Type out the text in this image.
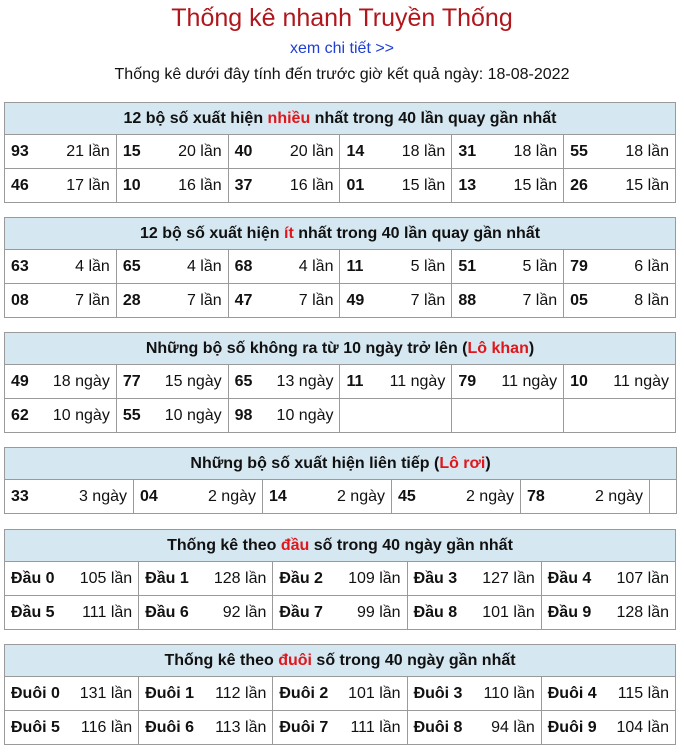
Thống kê nhanh Truyền Thống
xem chi tiết >>
Thống kê dưới đây tính đến trước giờ kết quả ngày: 18-08-2022
12 bộ số xuất hiện nhiều nhất trong 40 lần quay gần nhất					

93 21 lần	15 20 lần	40 20 lần	14 18 lần	31 18 lần	55 18 lần

46 17 lần	10 16 lần	37 16 lần	01 15 lần	13 15 lần	26 15 lần
12 bộ số xuất hiện ít nhất trong 40 lần quay gần nhất					

63 4 lần	65 4 lần	68 4 lần	11 5 lần	51 5 lần	79 6 lần

08 7 lần	28 7 lần	47 7 lần	49 7 lần	88 7 lần	05 8 lần
Những bộ số không ra từ 10 ngày trở lên (Lô khan)					

49 18 ngày	77 15 ngày	65 13 ngày	11 11 ngày	79 11 ngày	10 11 ngày

62 10 ngày	55 10 ngày	98 10 ngày			

Những bộ số xuất hiện liên tiếp (Lô rơi)

33	3 ngày	04	2 ngày	14	2 ngày	45	2 ngày	78	2 ngày

Thống kê theo đầu số trong 40 ngày gần nhất				

Đầu 0 105 lần	Đầu 1 128 lần	Đầu 2 109 lần	Đầu 3 127 lần	Đầu 4 107 lần

Đầu 5 111 lần	Đầu 6 92 lần	Đầu 7 99 lần	Đầu 8 101 lần	Đầu 9 128 lần
Thống kê theo đuôi số trong 40 ngày gần nhất				

Đuôi 0 131 lần	Đuôi 1 112 lần	Đuôi 2 101 lần	Đuôi 3 110 lần	Đuôi 4 115 lần

Đuôi 5 116 lần	Đuôi 6 113 lần	Đuôi 7 111 lần	Đuôi 8 94 lần	Đuôi 9 104 lần
